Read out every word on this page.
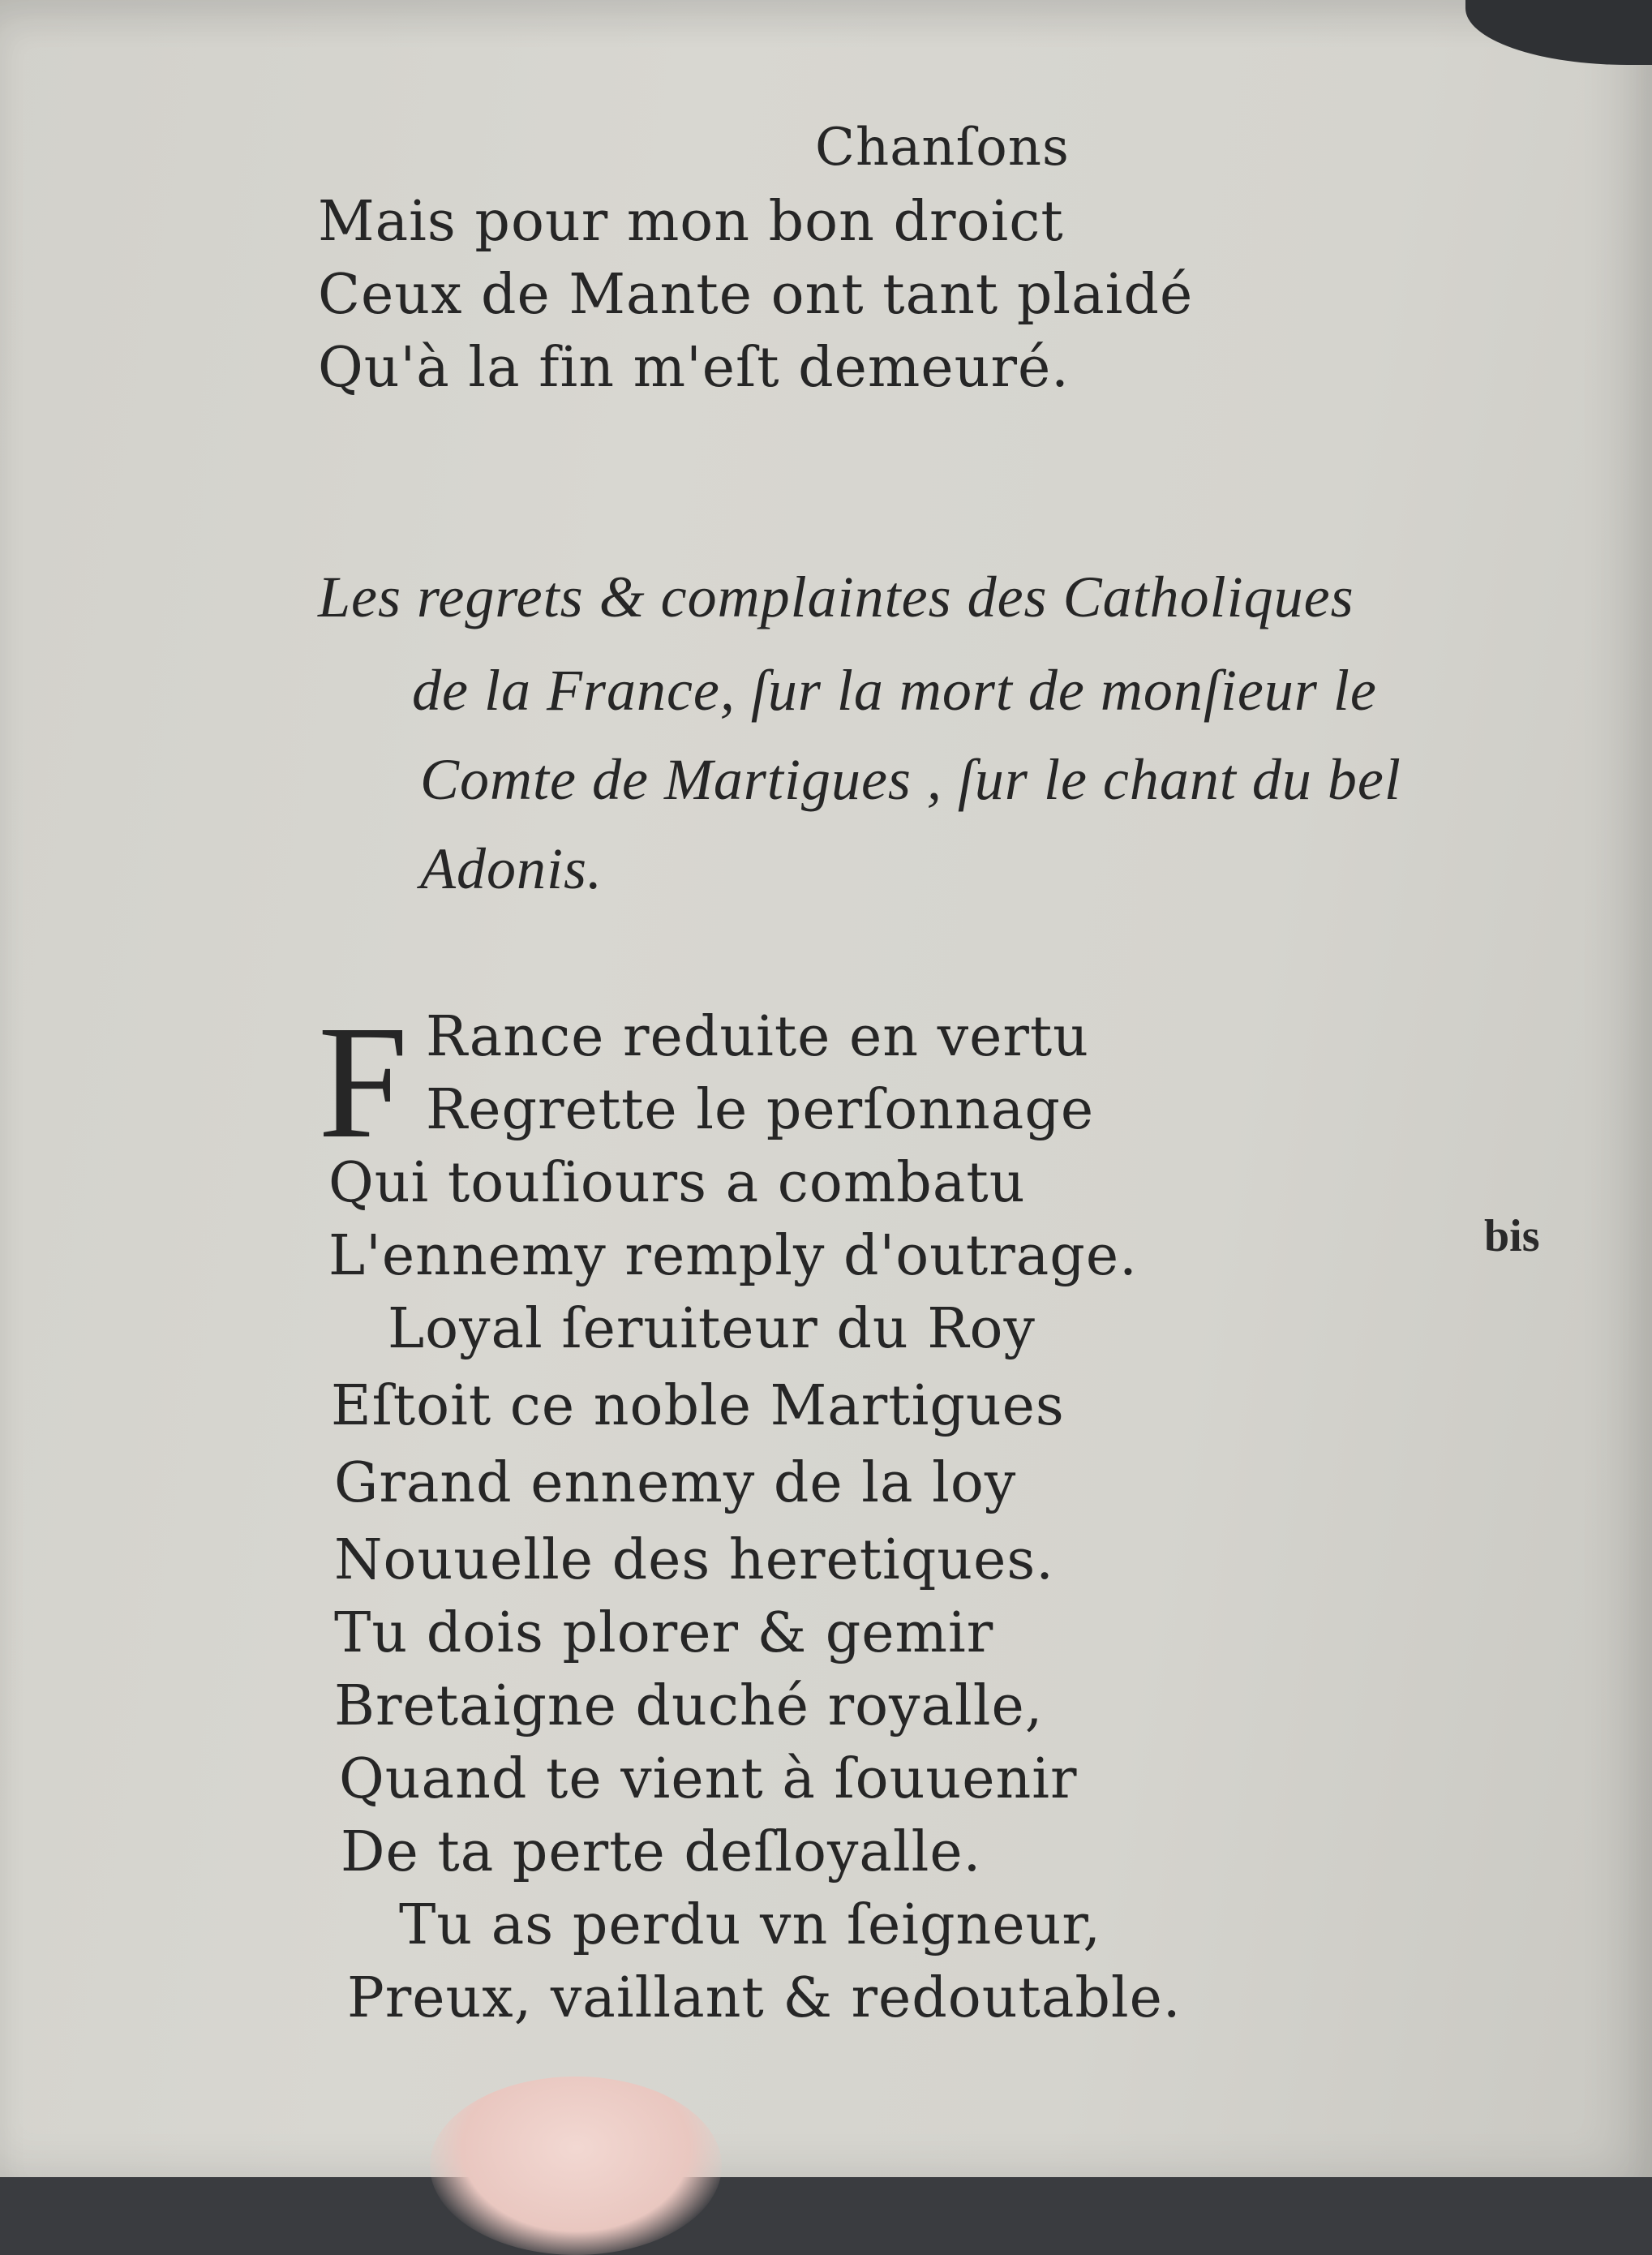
Chanſons
Mais pour mon bon droict
Ceux de Mante ont tant plaidé
Qu'à la fin m'eſt demeuré.
Les regrets & complaintes des Catholiques
de la France, ſur la mort de monſieur le
Comte de Martigues , ſur le chant du bel
Adonis.
F Rance reduite en vertu
Regrette le perſonnage
Qui touſiours a combatu
L'ennemy remply d'outrage.
Loyal ſeruiteur du Roy
Eſtoit ce noble Martigues
Grand ennemy de la loy
Nouuelle des heretiques.
Tu dois plorer & gemir
Bretaigne duché royalle,
Quand te vient à ſouuenir
De ta perte deſloyalle.
Tu as perdu vn ſeigneur,
Preux, vaillant & redoutable.
bis
